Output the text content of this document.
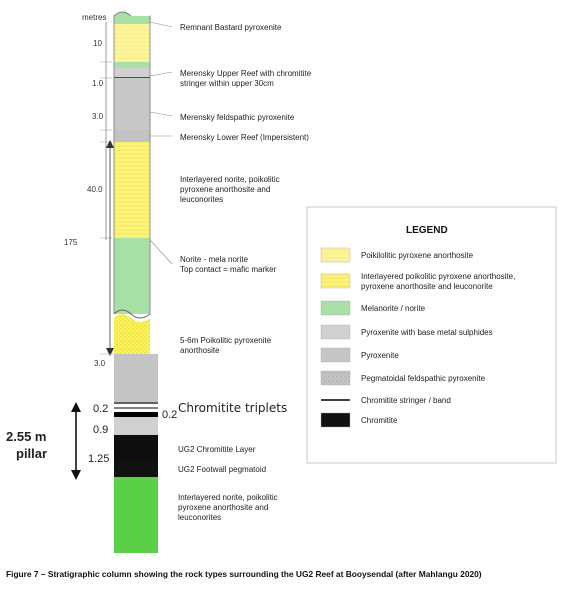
metres
10
1.0
3.0
40.0
175
3.0
0.2	0.2
0.9
1.25
2.55 m
pillar
Chromitite triplets
Remnant Bastard pyroxenite
Merensky Upper Reef with chromitite
stringer within upper 30cm
Merensky feldspathic pyroxenite
Merensky Lower Reef (Impersistent)
Interlayered norite, poikolitic
pyroxene anorthosite and
leuconorites
Norite - mela norite
Top contact = mafic marker
5-6m Poikolitic pyroxenite
anorthosite
UG2 Chromitite Layer
UG2 Footwall pegmatoid
Interlayered norite, poikolitic
pyroxene anorthosite and
leuconorites
LEGEND
Poikilolitic pyroxene anorthosite
Interlayered poikolitic pyroxene anorthosite,
pyroxene anorthosite and leuconorite
Melanorite / norite
Pyroxenite with base metal sulphides
Pyroxenite
Pegmatoidal feldspathic pyroxenite
Chromitite stringer / band
Chromitite
Figure 7 – Stratigraphic column showing the rock types surrounding the UG2 Reef at Booysendal (after Mahlangu 2020)
